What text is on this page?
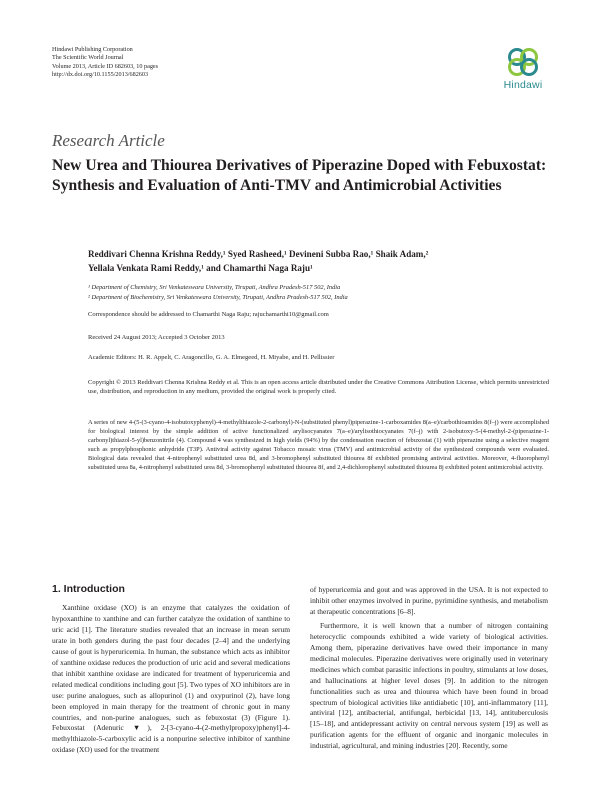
Hindawi Publishing Corporation
The Scientific World Journal
Volume 2013, Article ID 682603, 10 pages
http://dx.doi.org/10.1155/2013/682603
Hindawi
Research Article
New Urea and Thiourea Derivatives of Piperazine Doped with Febuxostat: Synthesis and Evaluation of Anti-TMV and Antimicrobial Activities
Reddivari Chenna Krishna Reddy,¹ Syed Rasheed,¹ Devineni Subba Rao,¹ Shaik Adam,²
Yellala Venkata Rami Reddy,¹ and Chamarthi Naga Raju¹
¹ Department of Chemistry, Sri Venkateswara University, Tirupati, Andhra Pradesh-517 502, India
² Department of Biochemistry, Sri Venkateswara University, Tirupati, Andhra Pradesh-517 502, India
Correspondence should be addressed to Chamarthi Naga Raju; rajuchamarthi10@gmail.com
Received 24 August 2013; Accepted 3 October 2013
Academic Editors: H. R. Appelt, C. Aragoncillo, G. A. Elmegeed, H. Miyabe, and H. Pellissier
Copyright © 2013 Reddivari Chenna Krishna Reddy et al. This is an open access article distributed under the Creative Commons Attribution License, which permits unrestricted use, distribution, and reproduction in any medium, provided the original work is properly cited.
A series of new 4-(5-(3-cyano-4-isobutoxyphenyl)-4-methylthiazole-2-carbonyl)-N-(substituted phenyl)piperazine-1-carboxamides 8(a–e)/carbothioamides 8(f–j) were accomplished for biological interest by the simple addition of active functionalized arylisocyanates 7(a–e)/arylisothiocyanates 7(f–j) with 2-isobutoxy-5-(4-methyl-2-(piperazine-1-carbonyl)thiazol-5-yl)benzonitrile (4). Compound 4 was synthesized in high yields (94%) by the condensation reaction of febuxostat (1) with piperazine using a selective reagent such as propylphosphonic anhydride (T3P). Antiviral activity against Tobacco mosaic virus (TMV) and antimicrobial activity of the synthesized compounds were evaluated. Biological data revealed that 4-nitrophenyl substituted urea 8d, and 3-bromophenyl substituted thiourea 8f exhibited promising antiviral activities. Moreover, 4-fluorophenyl substituted urea 8a, 4-nitrophenyl substituted urea 8d, 3-bromophenyl substituted thiourea 8f, and 2,4-dichlorophenyl substituted thiourea 8j exhibited potent antimicrobial activity.
1. Introduction

Xanthine oxidase (XO) is an enzyme that catalyzes the oxidation of hypoxanthine to xanthine and can further catalyze the oxidation of xanthine to uric acid [1]. The literature studies revealed that an increase in mean serum urate in both genders during the past four decades [2–4] and the underlying cause of gout is hyperuricemia. In human, the substance which acts as inhibitor of xanthine oxidase reduces the production of uric acid and several medications that inhibit xanthine oxidase are indicated for treatment of hyperuricemia and related medical conditions including gout [5]. Two types of XO inhibitors are in use: purine analogues, such as allopurinol (1) and oxypurinol (2), have long been employed in main therapy for the treatment of chronic gout in many countries, and non-purine analogues, such as febuxostat (3) (Figure 1). Febuxostat (Adenuric ▼), 2-[3-cyano-4-(2-methylpropoxy)phenyl]-4-methylthiazole-5-carboxylic acid is a nonpurine selective inhibitor of xanthine oxidase (XO) used for the treatment

of hyperuricemia and gout and was approved in the USA. It is not expected to inhibit other enzymes involved in purine, pyrimidine synthesis, and metabolism at therapeutic concentrations [6–8].

Furthermore, it is well known that a number of nitrogen containing heterocyclic compounds exhibited a wide variety of biological activities. Among them, piperazine derivatives have owed their importance in many medicinal molecules. Piperazine derivatives were originally used in veterinary medicines which combat parasitic infections in poultry, stimulants at low doses, and hallucinations at higher level doses [9]. In addition to the nitrogen functionalities such as urea and thiourea which have been found in broad spectrum of biological activities like antidiabetic [10], anti-inflammatory [11], antiviral [12], antibacterial, antifungal, herbicidal [13, 14], antituberculosis [15–18], and antidepressant activity on central nervous system [19] as well as purification agents for the effluent of organic and inorganic molecules in industrial, agricultural, and mining industries [20]. Recently, some
